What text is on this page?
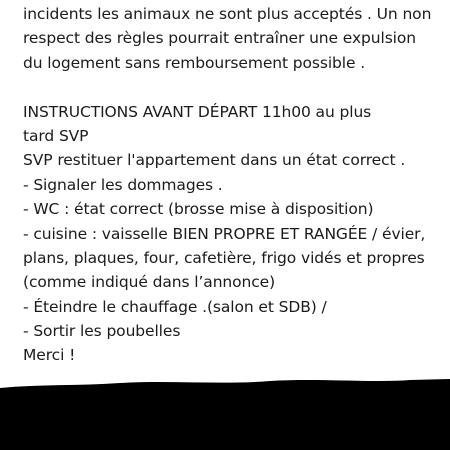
incidents les animaux ne sont plus acceptés . Un non
respect des règles pourrait entraîner une expulsion
du logement sans remboursement possible .
INSTRUCTIONS AVANT DÉPART 11h00 au plus
tard SVP
SVP restituer l'appartement dans un état correct .
- Signaler les dommages .
- WC : état correct (brosse mise à disposition)
- cuisine : vaisselle BIEN PROPRE ET RANGÉE / évier,
plans, plaques, four, cafetière, frigo vidés et propres
(comme indiqué dans l’annonce)
- Éteindre le chauffage .(salon et SDB) /
- Sortir les poubelles
Merci !
